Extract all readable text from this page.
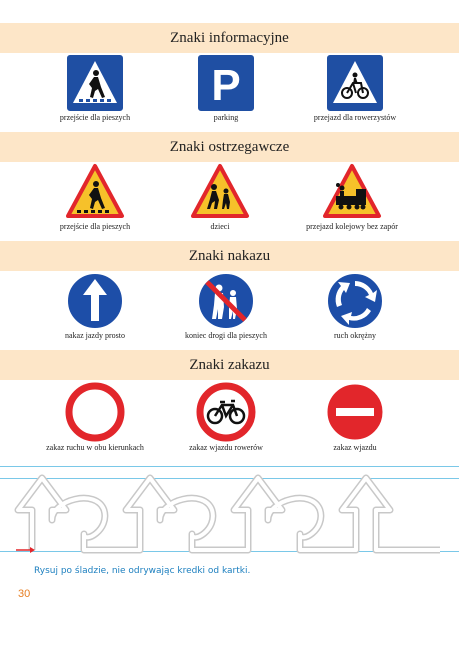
Znaki informacyjne
P
przejście dla pieszych	parking	przejazd dla rowerzystów
Znaki ostrzegawcze
przejście dla pieszych	dzieci	przejazd kolejowy bez zapór
Znaki nakazu
nakaz jazdy prosto	koniec drogi dla pieszych	ruch okrężny
Znaki zakazu
zakaz ruchu w obu kierunkach	zakaz wjazdu rowerów	zakaz wjazdu
Rysuj po śladzie, nie odrywając kredki od kartki.
30
